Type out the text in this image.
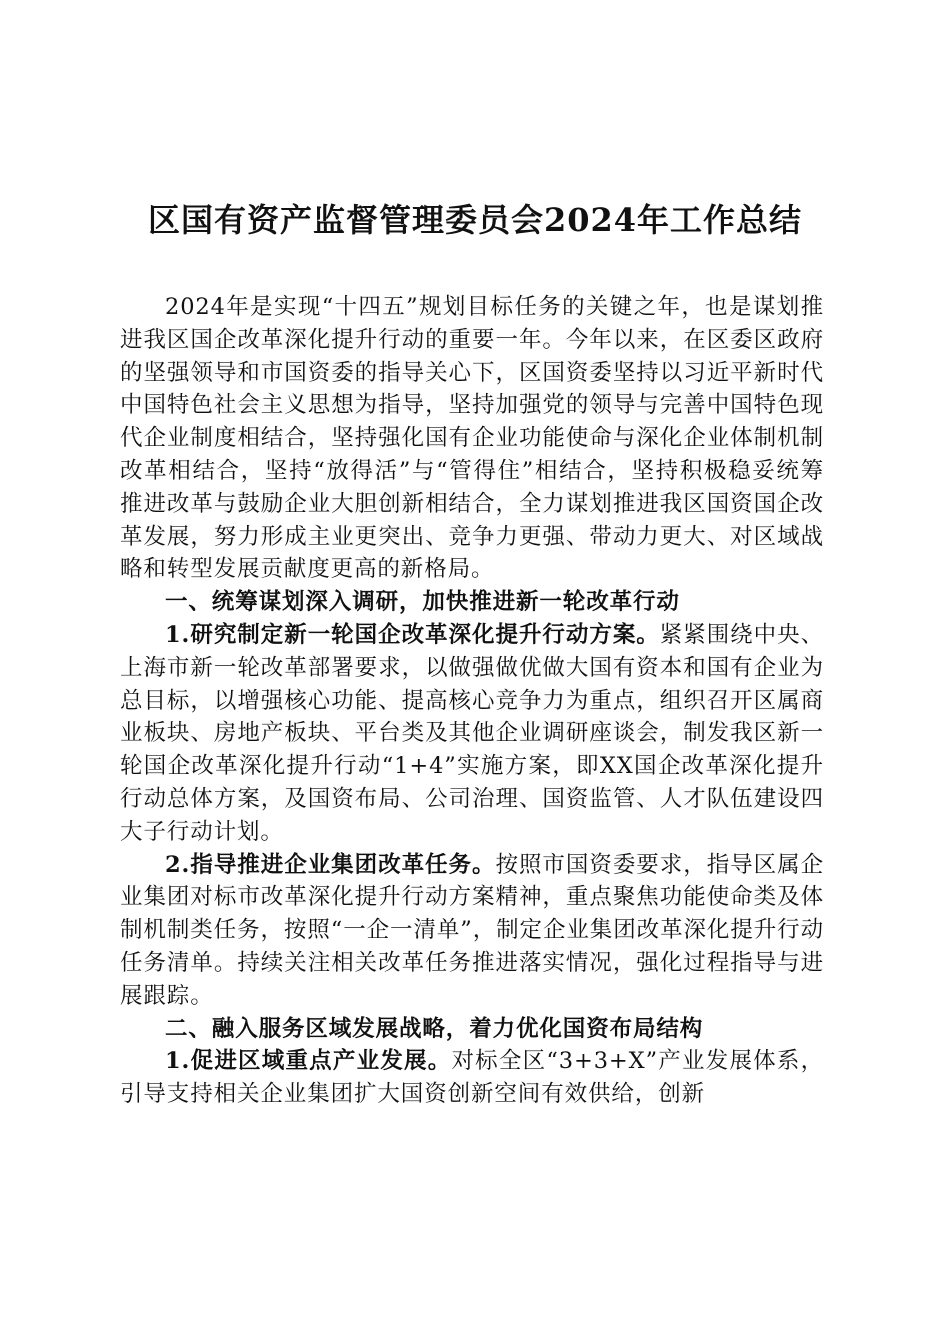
区国有资产监督管理委员会2024年工作总结

2024年是实现“十四五”规划目标任务的关键之年，也是谋划推进我区国企改革深化提升行动的重要一年。今年以来，在区委区政府的坚强领导和市国资委的指导关心下，区国资委坚持以习近平新时代中国特色社会主义思想为指导，坚持加强党的领导与完善中国特色现代企业制度相结合，坚持强化国有企业功能使命与深化企业体制机制改革相结合，坚持“放得活”与“管得住”相结合，坚持积极稳妥统筹推进改革与鼓励企业大胆创新相结合，全力谋划推进我区国资国企改革发展，努力形成主业更突出、竞争力更强、带动力更大、对区域战略和转型发展贡献度更高的新格局。

一、统筹谋划深入调研，加快推进新一轮改革行动

1.研究制定新一轮国企改革深化提升行动方案。紧紧围绕中央、上海市新一轮改革部署要求，以做强做优做大国有资本和国有企业为总目标，以增强核心功能、提高核心竞争力为重点，组织召开区属商业板块、房地产板块、平台类及其他企业调研座谈会，制发我区新一轮国企改革深化提升行动“1+4”实施方案，即XX国企改革深化提升行动总体方案，及国资布局、公司治理、国资监管、人才队伍建设四大子行动计划。

2.指导推进企业集团改革任务。按照市国资委要求，指导区属企业集团对标市改革深化提升行动方案精神，重点聚焦功能使命类及体制机制类任务，按照“一企一清单”，制定企业集团改革深化提升行动任务清单。持续关注相关改革任务推进落实情况，强化过程指导与进展跟踪。

二、融入服务区域发展战略，着力优化国资布局结构

1.促进区域重点产业发展。对标全区“3+3+X”产业发展体系，引导支持相关企业集团扩大国资创新空间有效供给，创新
